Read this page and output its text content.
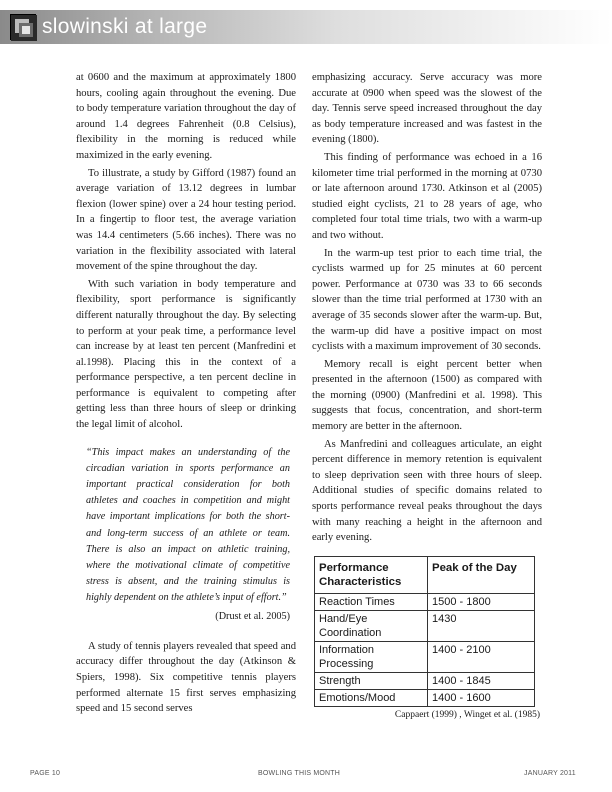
slowinski at large

at 0600 and the maximum at approximately 1800 hours, cooling again throughout the evening. Due to body temperature variation throughout the day of around 1.4 degrees Fahrenheit (0.8 Celsius), flexibility in the morning is reduced while maximized in the early evening.

To illustrate, a study by Gifford (1987) found an average variation of 13.12 degrees in lumbar flexion (lower spine) over a 24 hour testing period. In a fingertip to floor test, the average variation was 14.4 centimeters (5.66 inches). There was no variation in the flexibility associated with lateral movement of the spine throughout the day.

With such variation in body temperature and flexibility, sport performance is significantly different naturally throughout the day. By selecting to perform at your peak time, a performance level can increase by at least ten percent (Manfredini et al.1998). Placing this in the context of a performance perspective, a ten percent decline in performance is equivalent to competing after getting less than three hours of sleep or drinking the legal limit of alcohol.

“This impact makes an understanding of the circadian variation in sports performance an important practical consideration for both athletes and coaches in competition and might have important implications for both the short- and long-term success of an athlete or team. There is also an impact on athletic training, where the motivational climate of competitive stress is absent, and the training stimulus is highly dependent on the athlete’s input of effort.”
(Drust et al. 2005)

A study of tennis players revealed that speed and accuracy differ throughout the day (Atkinson & Spiers, 1998). Six competitive tennis players performed alternate 15 first serves emphasizing speed and 15 second serves

emphasizing accuracy. Serve accuracy was more accurate at 0900 when speed was the slowest of the day. Tennis serve speed increased throughout the day as body temperature increased and was fastest in the evening (1800).

This finding of performance was echoed in a 16 kilometer time trial performed in the morning at 0730 or late afternoon around 1730. Atkinson et al (2005) studied eight cyclists, 21 to 28 years of age, who completed four total time trials, two with a warm-up and two without.

In the warm-up test prior to each time trial, the cyclists warmed up for 25 minutes at 60 percent power. Performance at 0730 was 33 to 66 seconds slower than the time trial performed at 1730 with an average of 35 seconds slower after the warm-up. But, the warm-up did have a positive impact on most cyclists with a maximum improvement of 30 seconds.

Memory recall is eight percent better when presented in the afternoon (1500) as compared with the morning (0900) (Manfredini et al. 1998). This suggests that focus, concentration, and short-term memory are better in the afternoon.

As Manfredini and colleagues articulate, an eight percent difference in memory retention is equivalent to sleep deprivation seen with three hours of sleep. Additional studies of specific domains related to sports performance reveal peaks throughout the days with many reaching a height in the afternoon and early evening.

Performance Characteristics	Peak of the Day
Reaction Times	1500 - 1800
Hand/Eye Coordination	1430
Information Processing	1400 - 2100
Strength	1400 - 1845
Emotions/Mood	1400 - 1600
Cappaert (1999) , Winget et al. (1985)
PAGE 10	BOWLING THIS MONTH	JANUARY 2011
